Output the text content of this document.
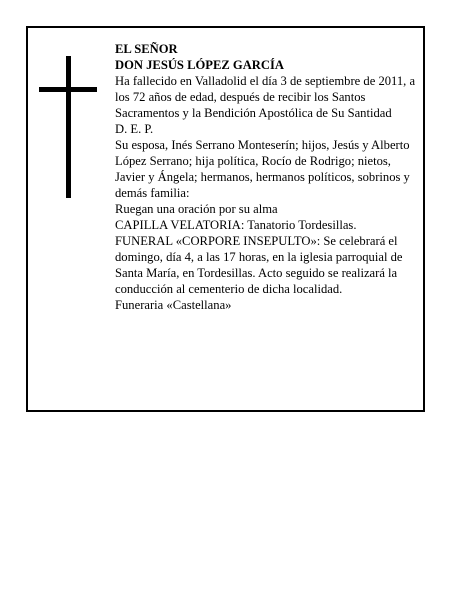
EL SEÑOR

DON JESÚS LÓPEZ GARCÍA

Ha fallecido en Valladolid el día 3 de septiembre de 2011, a los 72 años de edad, después de recibir los Santos Sacramentos y la Bendición Apostólica de Su Santidad

D. E. P.

Su esposa, Inés Serrano Monteserín; hijos, Jesús y Alberto López Serrano; hija política, Rocío de Rodrigo; nietos, Javier y Ángela; hermanos, hermanos políticos, sobrinos y demás familia:

Ruegan una oración por su alma

CAPILLA VELATORIA: Tanatorio Tordesillas.

FUNERAL «CORPORE INSEPULTO»: Se celebrará el domingo, día 4, a las 17 horas, en la iglesia parroquial de Santa María, en Tordesillas. Acto seguido se realizará la conducción al cementerio de dicha localidad.

Funeraria «Castellana»
